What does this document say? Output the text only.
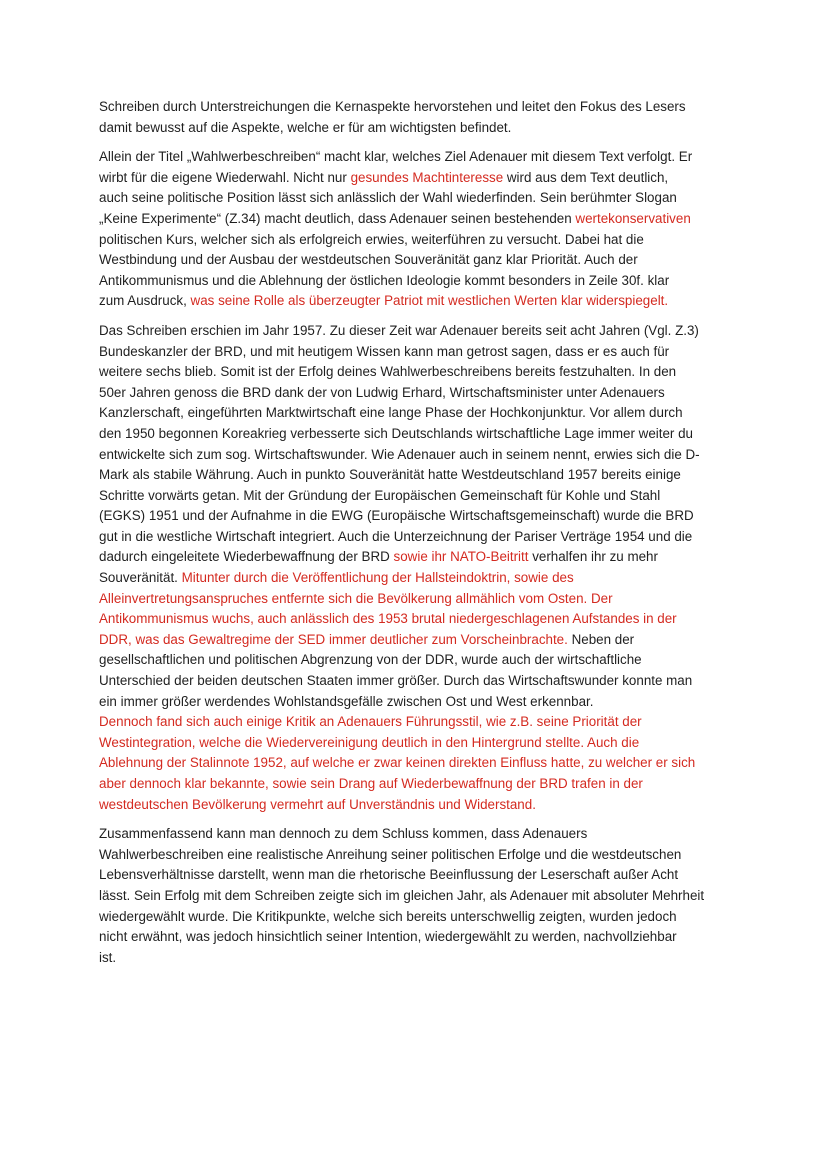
Schreiben durch Unterstreichungen die Kernaspekte hervorstehen und leitet den Fokus des Lesers
damit bewusst auf die Aspekte, welche er für am wichtigsten befindet.

Allein der Titel „Wahlwerbeschreiben“ macht klar, welches Ziel Adenauer mit diesem Text verfolgt. Er
wirbt für die eigene Wiederwahl. Nicht nur gesundes Machtinteresse wird aus dem Text deutlich,
auch seine politische Position lässt sich anlässlich der Wahl wiederfinden. Sein berühmter Slogan
„Keine Experimente“ (Z.34) macht deutlich, dass Adenauer seinen bestehenden wertekonservativen
politischen Kurs, welcher sich als erfolgreich erwies, weiterführen zu versucht. Dabei hat die
Westbindung und der Ausbau der westdeutschen Souveränität ganz klar Priorität. Auch der
Antikommunismus und die Ablehnung der östlichen Ideologie kommt besonders in Zeile 30f. klar
zum Ausdruck, was seine Rolle als überzeugter Patriot mit westlichen Werten klar widerspiegelt.

Das Schreiben erschien im Jahr 1957. Zu dieser Zeit war Adenauer bereits seit acht Jahren (Vgl. Z.3)
Bundeskanzler der BRD, und mit heutigem Wissen kann man getrost sagen, dass er es auch für
weitere sechs blieb. Somit ist der Erfolg deines Wahlwerbeschreibens bereits festzuhalten. In den
50er Jahren genoss die BRD dank der von Ludwig Erhard, Wirtschaftsminister unter Adenauers
Kanzlerschaft, eingeführten Marktwirtschaft eine lange Phase der Hochkonjunktur. Vor allem durch
den 1950 begonnen Koreakrieg verbesserte sich Deutschlands wirtschaftliche Lage immer weiter du
entwickelte sich zum sog. Wirtschaftswunder. Wie Adenauer auch in seinem nennt, erwies sich die D-
Mark als stabile Währung. Auch in punkto Souveränität hatte Westdeutschland 1957 bereits einige
Schritte vorwärts getan. Mit der Gründung der Europäischen Gemeinschaft für Kohle und Stahl
(EGKS) 1951 und der Aufnahme in die EWG (Europäische Wirtschaftsgemeinschaft) wurde die BRD
gut in die westliche Wirtschaft integriert. Auch die Unterzeichnung der Pariser Verträge 1954 und die
dadurch eingeleitete Wiederbewaffnung der BRD sowie ihr NATO-Beitritt verhalfen ihr zu mehr
Souveränität. Mitunter durch die Veröffentlichung der Hallsteindoktrin, sowie des
Alleinvertretungsanspruches entfernte sich die Bevölkerung allmählich vom Osten. Der
Antikommunismus wuchs, auch anlässlich des 1953 brutal niedergeschlagenen Aufstandes in der
DDR, was das Gewaltregime der SED immer deutlicher zum Vorscheinbrachte. Neben der
gesellschaftlichen und politischen Abgrenzung von der DDR, wurde auch der wirtschaftliche
Unterschied der beiden deutschen Staaten immer größer. Durch das Wirtschaftswunder konnte man
ein immer größer werdendes Wohlstandsgefälle zwischen Ost und West erkennbar.
Dennoch fand sich auch einige Kritik an Adenauers Führungsstil, wie z.B. seine Priorität der
Westintegration, welche die Wiedervereinigung deutlich in den Hintergrund stellte. Auch die
Ablehnung der Stalinnote 1952, auf welche er zwar keinen direkten Einfluss hatte, zu welcher er sich
aber dennoch klar bekannte, sowie sein Drang auf Wiederbewaffnung der BRD trafen in der
westdeutschen Bevölkerung vermehrt auf Unverständnis und Widerstand.

Zusammenfassend kann man dennoch zu dem Schluss kommen, dass Adenauers
Wahlwerbeschreiben eine realistische Anreihung seiner politischen Erfolge und die westdeutschen
Lebensverhältnisse darstellt, wenn man die rhetorische Beeinflussung der Leserschaft außer Acht
lässt. Sein Erfolg mit dem Schreiben zeigte sich im gleichen Jahr, als Adenauer mit absoluter Mehrheit
wiedergewählt wurde. Die Kritikpunkte, welche sich bereits unterschwellig zeigten, wurden jedoch
nicht erwähnt, was jedoch hinsichtlich seiner Intention, wiedergewählt zu werden, nachvollziehbar
ist.
